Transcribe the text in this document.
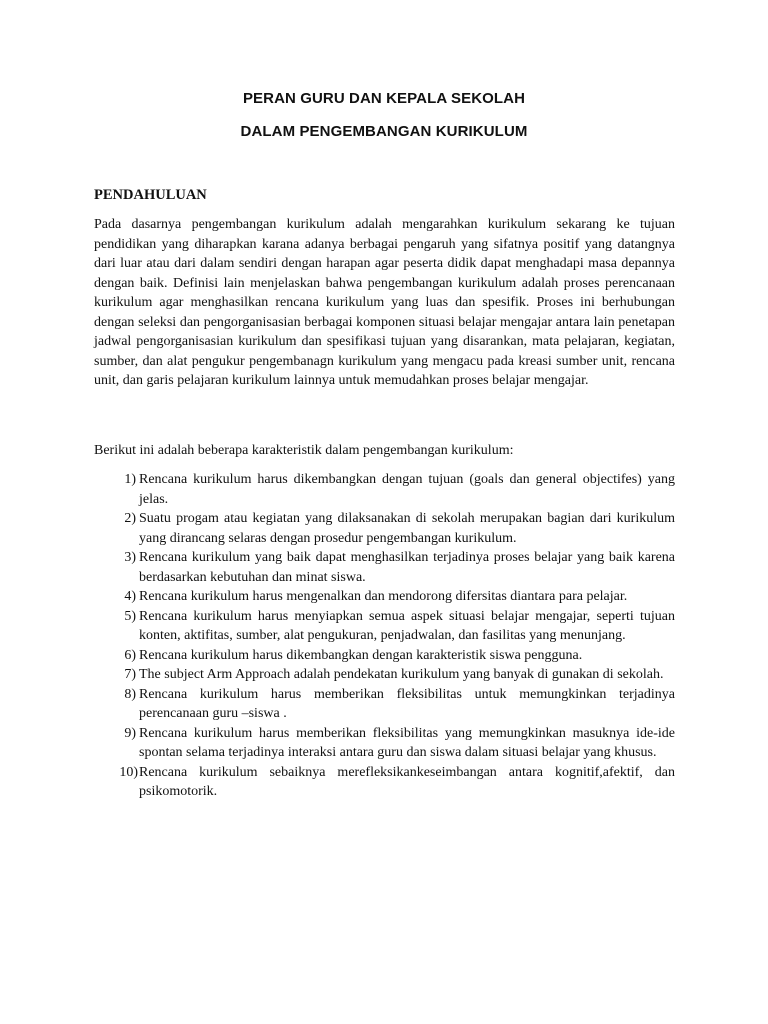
PERAN GURU DAN KEPALA SEKOLAH
DALAM PENGEMBANGAN KURIKULUM
PENDAHULUAN

Pada dasarnya pengembangan kurikulum adalah mengarahkan kurikulum sekarang ke tujuan pendidikan yang diharapkan karana adanya berbagai pengaruh yang sifatnya positif yang datangnya dari luar atau dari dalam sendiri dengan harapan agar peserta didik dapat menghadapi masa depannya dengan baik. Definisi lain menjelaskan bahwa pengembangan kurikulum adalah proses perencanaan kurikulum agar menghasilkan rencana kurikulum yang luas dan spesifik. Proses ini berhubungan dengan seleksi dan pengorganisasian berbagai komponen situasi belajar mengajar antara lain penetapan jadwal pengorganisasian kurikulum dan spesifikasi tujuan yang disarankan, mata pelajaran, kegiatan, sumber, dan alat pengukur pengembanagn kurikulum yang mengacu pada kreasi sumber unit, rencana unit, dan garis pelajaran kurikulum lainnya untuk memudahkan proses belajar mengajar.

Berikut ini adalah beberapa karakteristik dalam pengembangan kurikulum:

1) Rencana kurikulum harus dikembangkan dengan tujuan (goals dan general objectifes) yang jelas.
2) Suatu progam atau kegiatan yang dilaksanakan di sekolah merupakan bagian dari kurikulum yang dirancang selaras dengan prosedur pengembangan kurikulum.
3) Rencana kurikulum yang baik dapat menghasilkan terjadinya proses belajar yang baik karena berdasarkan kebutuhan dan minat siswa.
4) Rencana kurikulum harus mengenalkan dan mendorong difersitas diantara para pelajar.
5) Rencana kurikulum harus menyiapkan semua aspek situasi belajar mengajar, seperti tujuan konten, aktifitas, sumber, alat pengukuran, penjadwalan, dan fasilitas yang menunjang.
6) Rencana kurikulum harus dikembangkan dengan karakteristik siswa pengguna.
7) The subject Arm Approach adalah pendekatan kurikulum yang banyak di gunakan di sekolah.
8) Rencana kurikulum harus memberikan fleksibilitas untuk memungkinkan terjadinya perencanaan guru –siswa .
9) Rencana kurikulum harus memberikan fleksibilitas yang memungkinkan masuknya ide-ide spontan selama terjadinya interaksi antara guru dan siswa dalam situasi belajar yang khusus.
10) Rencana kurikulum sebaiknya merefleksikankeseimbangan antara kognitif,afektif, dan psikomotorik.
